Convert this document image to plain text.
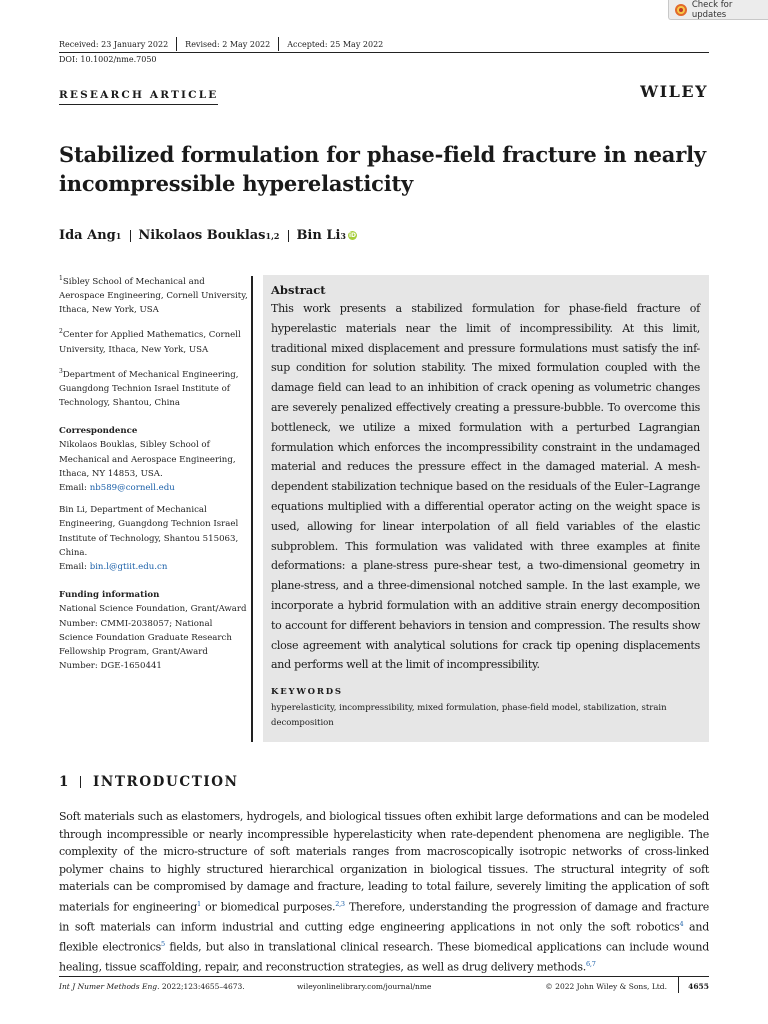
Check for updates
Received: 23 January 2022 Revised: 2 May 2022 Accepted: 25 May 2022
DOI: 10.1002/nme.7050
RESEARCH ARTICLE	WILEY
Stabilized formulation for phase-field fracture in nearly
incompressible hyperelasticity
Ida Ang 1 Nikolaos Bouklas 1,2 Bin Li 3 iD

$^1$Sibley School of Mechanical and Aerospace Engineering, Cornell University, Ithaca, New York, USA

$^2$Center for Applied Mathematics, Cornell University, Ithaca, New York, USA

$^3$Department of Mechanical Engineering, Guangdong Technion Israel Institute of Technology, Shantou, China

Correspondence

Nikolaos Bouklas, Sibley School of Mechanical and Aerospace Engineering, Ithaca, NY 14853, USA.
Email: nb589@cornell.edu

Bin Li, Department of Mechanical Engineering, Guangdong Technion Israel Institute of Technology, Shantou 515063, China.
Email: bin.l@gtiit.edu.cn

Funding information

National Science Foundation, Grant/Award Number: CMMI-2038057; National Science Foundation Graduate Research Fellowship Program, Grant/Award Number: DGE-1650441

Abstract
This work presents a stabilized formulation for phase-field fracture of hyperelastic materials near the limit of incompressibility. At this limit, traditional mixed displacement and pressure formulations must satisfy the inf-sup condition for solution stability. The mixed formulation coupled with the damage field can lead to an inhibition of crack opening as volumetric changes are severely penalized effectively creating a pressure-bubble. To overcome this bottleneck, we utilize a mixed formulation with a perturbed Lagrangian formulation which enforces the incompressibility constraint in the undamaged material and reduces the pressure effect in the damaged material. A mesh-dependent stabilization technique based on the residuals of the Euler–Lagrange equations multiplied with a differential operator acting on the weight space is used, allowing for linear interpolation of all field variables of the elastic subproblem. This formulation was validated with three examples at finite deformations: a plane-stress pure-shear test, a two-dimensional geometry in plane-stress, and a three-dimensional notched sample. In the last example, we incorporate a hybrid formulation with an additive strain energy decomposition to account for different behaviors in tension and compression. The results show close agreement with analytical solutions for crack tip opening displacements and performs well at the limit of incompressibility.
KEYWORDS
hyperelasticity, incompressibility, mixed formulation, phase-field model, stabilization, strain decomposition
1 INTRODUCTION

Soft materials such as elastomers, hydrogels, and biological tissues often exhibit large deformations and can be modeled through incompressible or nearly incompressible hyperelasticity when rate-dependent phenomena are negligible. The complexity of the micro-structure of soft materials ranges from macroscopically isotropic networks of cross-linked polymer chains to highly structured hierarchical organization in biological tissues. The structural integrity of soft materials can be compromised by damage and fracture, leading to total failure, severely limiting the application of soft materials for engineering$^1$ or biomedical purposes.$^{2,3}$ Therefore, understanding the progression of damage and fracture in soft materials can inform industrial and cutting edge engineering applications in not only the soft robotics$^4$ and flexible electronics$^5$ fields, but also in translational clinical research. These biomedical applications can include wound healing, tissue scaffolding, repair, and reconstruction strategies, as well as drug delivery methods.$^{6,7}$

Int J Numer Methods Eng. 2022;123:4655–4673.	wileyonlinelibrary.com/journal/nme	© 2022 John Wiley & Sons, Ltd.	4655
